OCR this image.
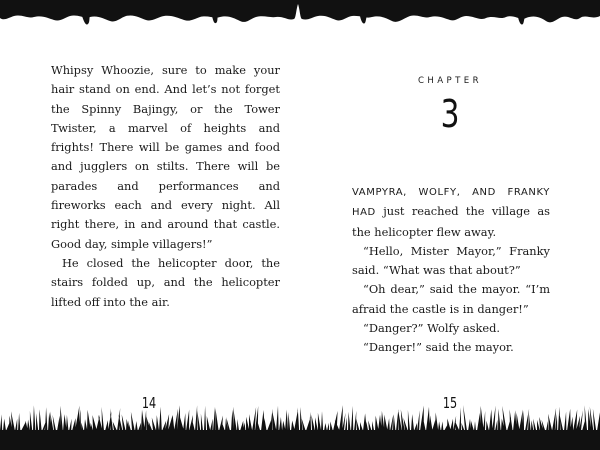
Whipsy Whoozie, sure to make your hair stand on end. And let’s not forget the Spinny Bajingy, or the Tower Twister, a marvel of heights and frights! There will be games and food and jugglers on stilts. There will be parades and performances and fireworks each and every night. All right there, in and around that castle. Good day, simple villagers!”

He closed the helicopter door, the stairs folded up, and the helicopter lifted off into the air.

14
CHAPTER
3

VAMPYRA, WOLFY, AND FRANKY HAD just reached the village as the helicopter flew away.

“Hello, Mister Mayor,” Franky said. “What was that about?”

“Oh dear,” said the mayor. “I’m afraid the castle is in danger!”

“Danger?” Wolfy asked.

“Danger!” said the mayor.

15
